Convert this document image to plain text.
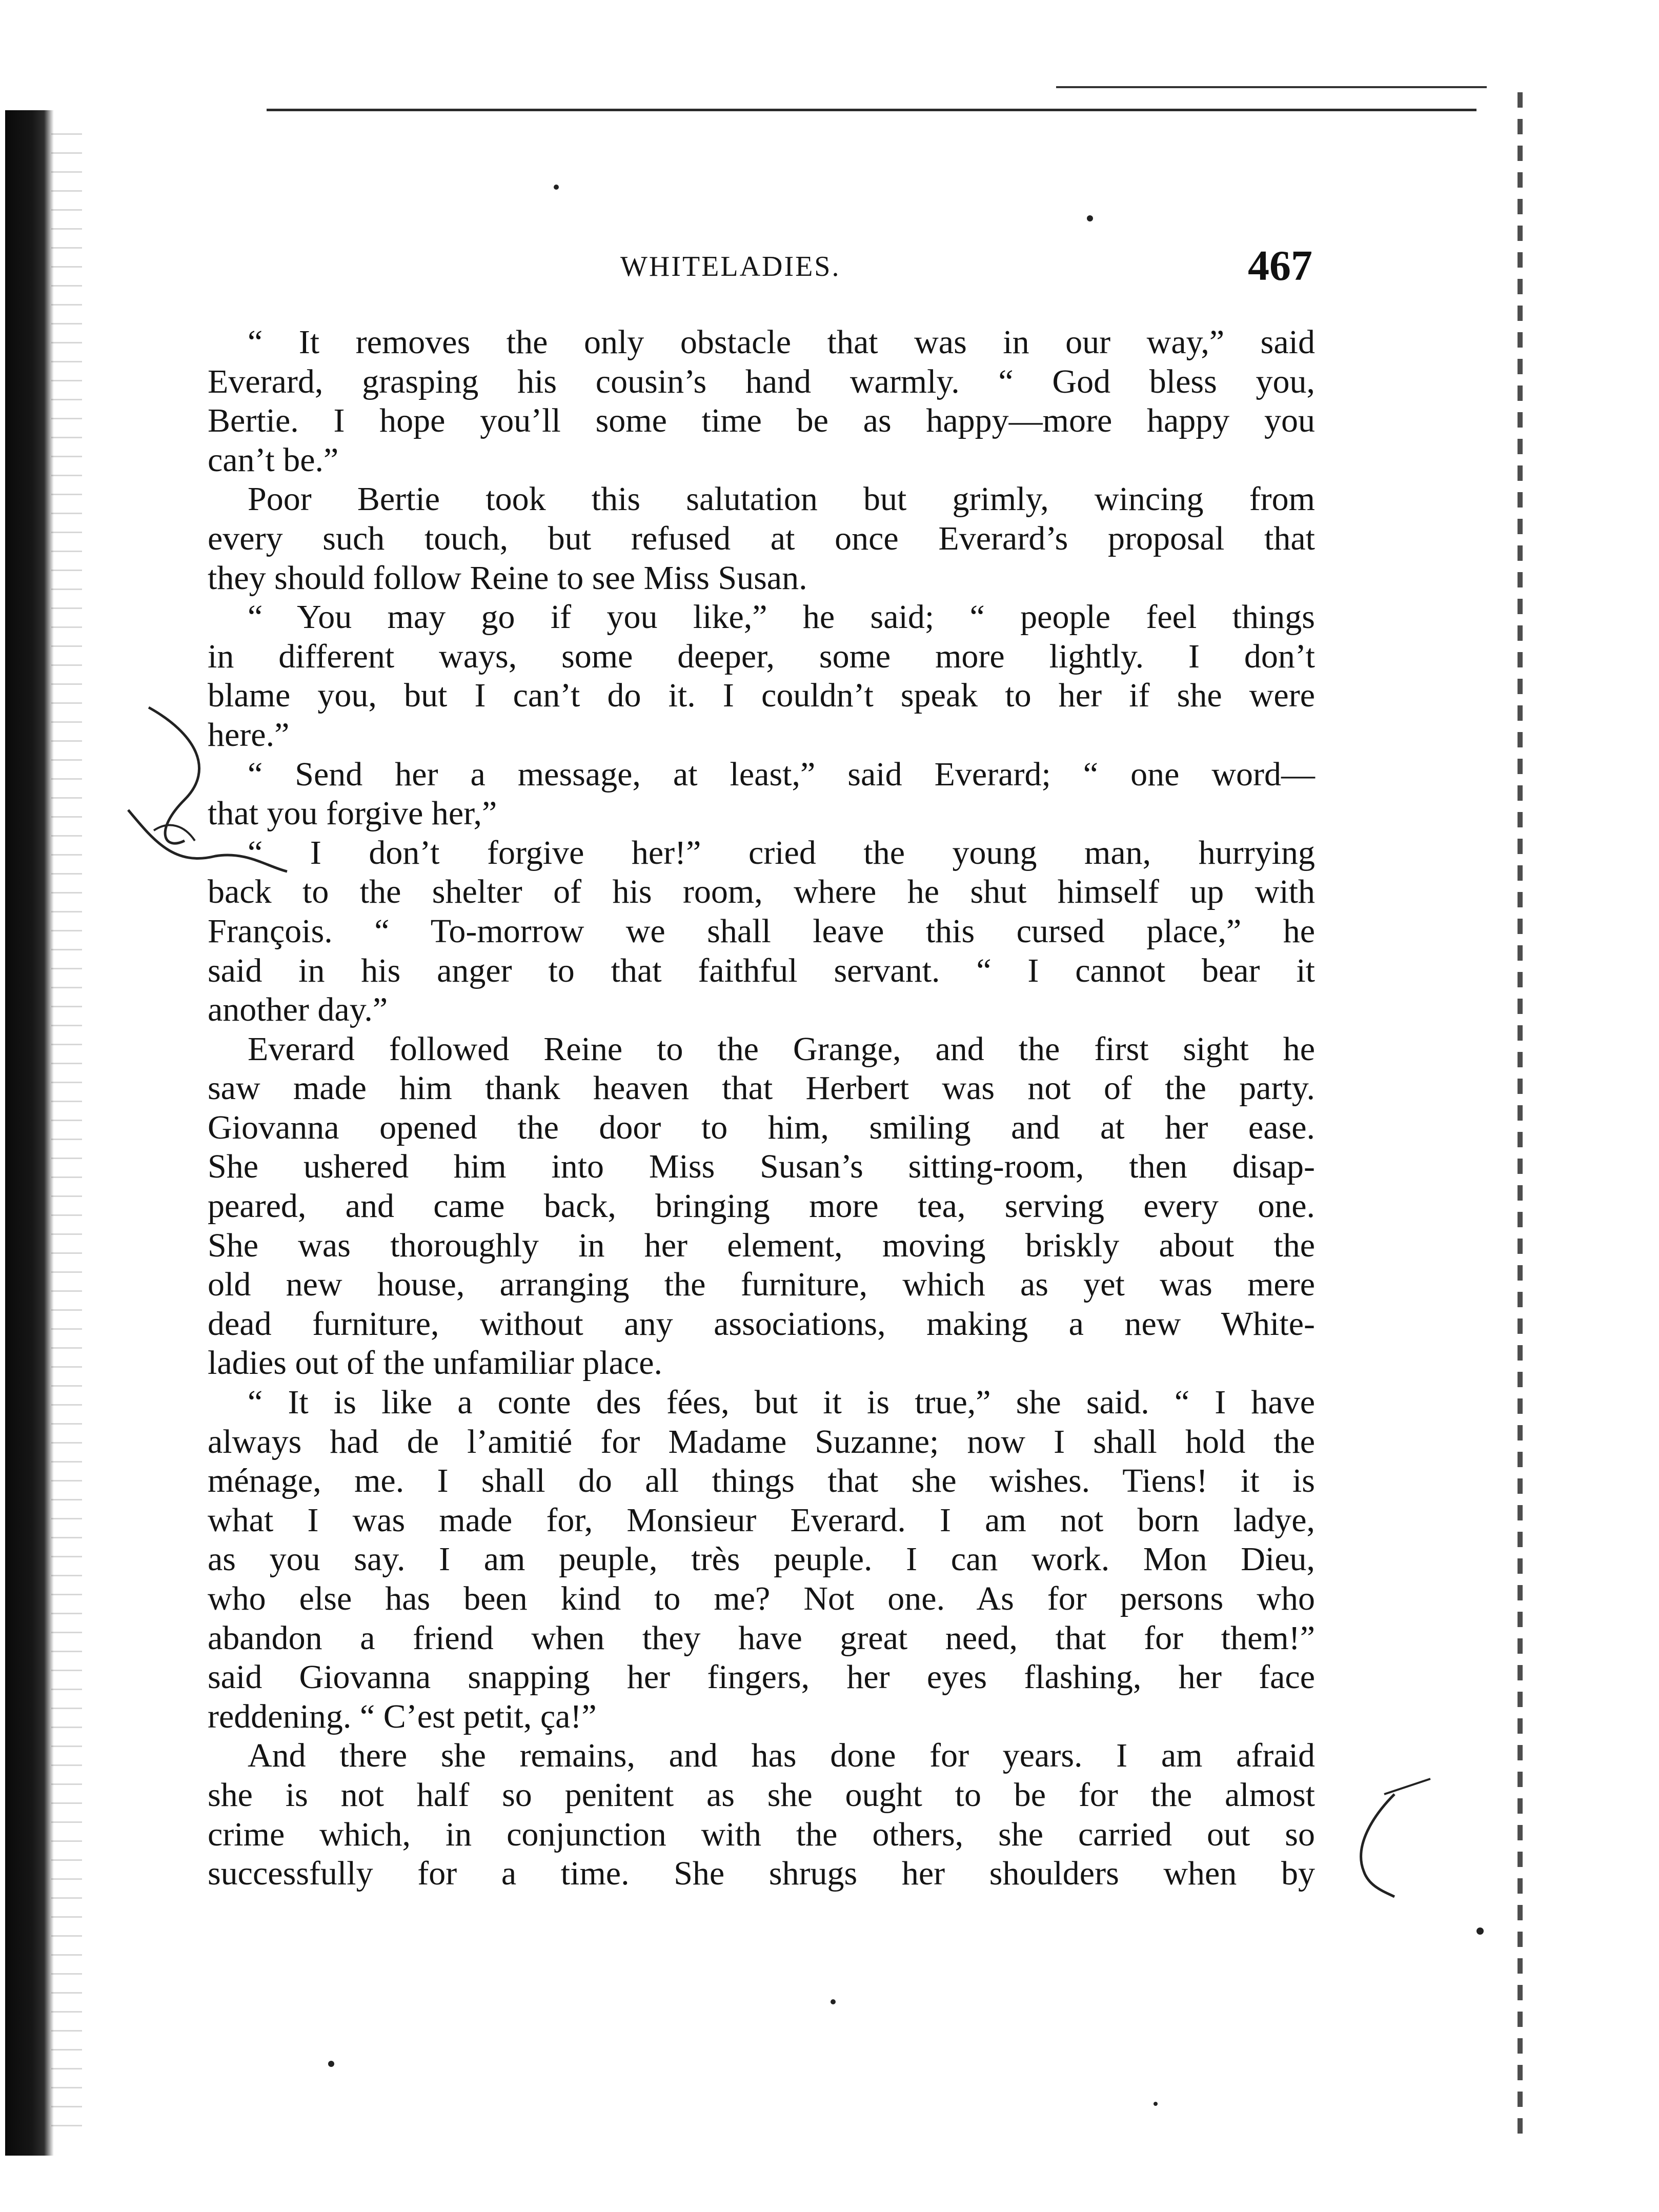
WHITELADIES.	467
“ It removes the only obstacle that was in our way,” said
Everard, grasping his cousin’s hand warmly. “ God bless you,
Bertie. I hope you’ll some time be as happy—more happy you
can’t be.”
Poor Bertie took this salutation but grimly, wincing from
every such touch, but refused at once Everard’s proposal that
they should follow Reine to see Miss Susan.
“ You may go if you like,” he said; “ people feel things
in different ways, some deeper, some more lightly. I don’t
blame you, but I can’t do it. I couldn’t speak to her if she were
here.”
“ Send her a message, at least,” said Everard; “ one word—
that you forgive her,”
“ I don’t forgive her!” cried the young man, hurrying
back to the shelter of his room, where he shut himself up with
François. “ To-morrow we shall leave this cursed place,” he
said in his anger to that faithful servant. “ I cannot bear it
another day.”
Everard followed Reine to the Grange, and the first sight he
saw made him thank heaven that Herbert was not of the party.
Giovanna opened the door to him, smiling and at her ease.
She ushered him into Miss Susan’s sitting-room, then disap-
peared, and came back, bringing more tea, serving every one.
She was thoroughly in her element, moving briskly about the
old new house, arranging the furniture, which as yet was mere
dead furniture, without any associations, making a new White-
ladies out of the unfamiliar place.
“ It is like a conte des fées, but it is true,” she said. “ I have
always had de l’amitié for Madame Suzanne; now I shall hold the
ménage, me. I shall do all things that she wishes. Tiens! it is
what I was made for, Monsieur Everard. I am not born ladye,
as you say. I am peuple, très peuple. I can work. Mon Dieu,
who else has been kind to me? Not one. As for persons who
abandon a friend when they have great need, that for them!”
said Giovanna snapping her fingers, her eyes flashing, her face
reddening. “ C’est petit, ça!”
And there she remains, and has done for years. I am afraid
she is not half so penitent as she ought to be for the almost
crime which, in conjunction with the others, she carried out so
successfully for a time. She shrugs her shoulders when by
